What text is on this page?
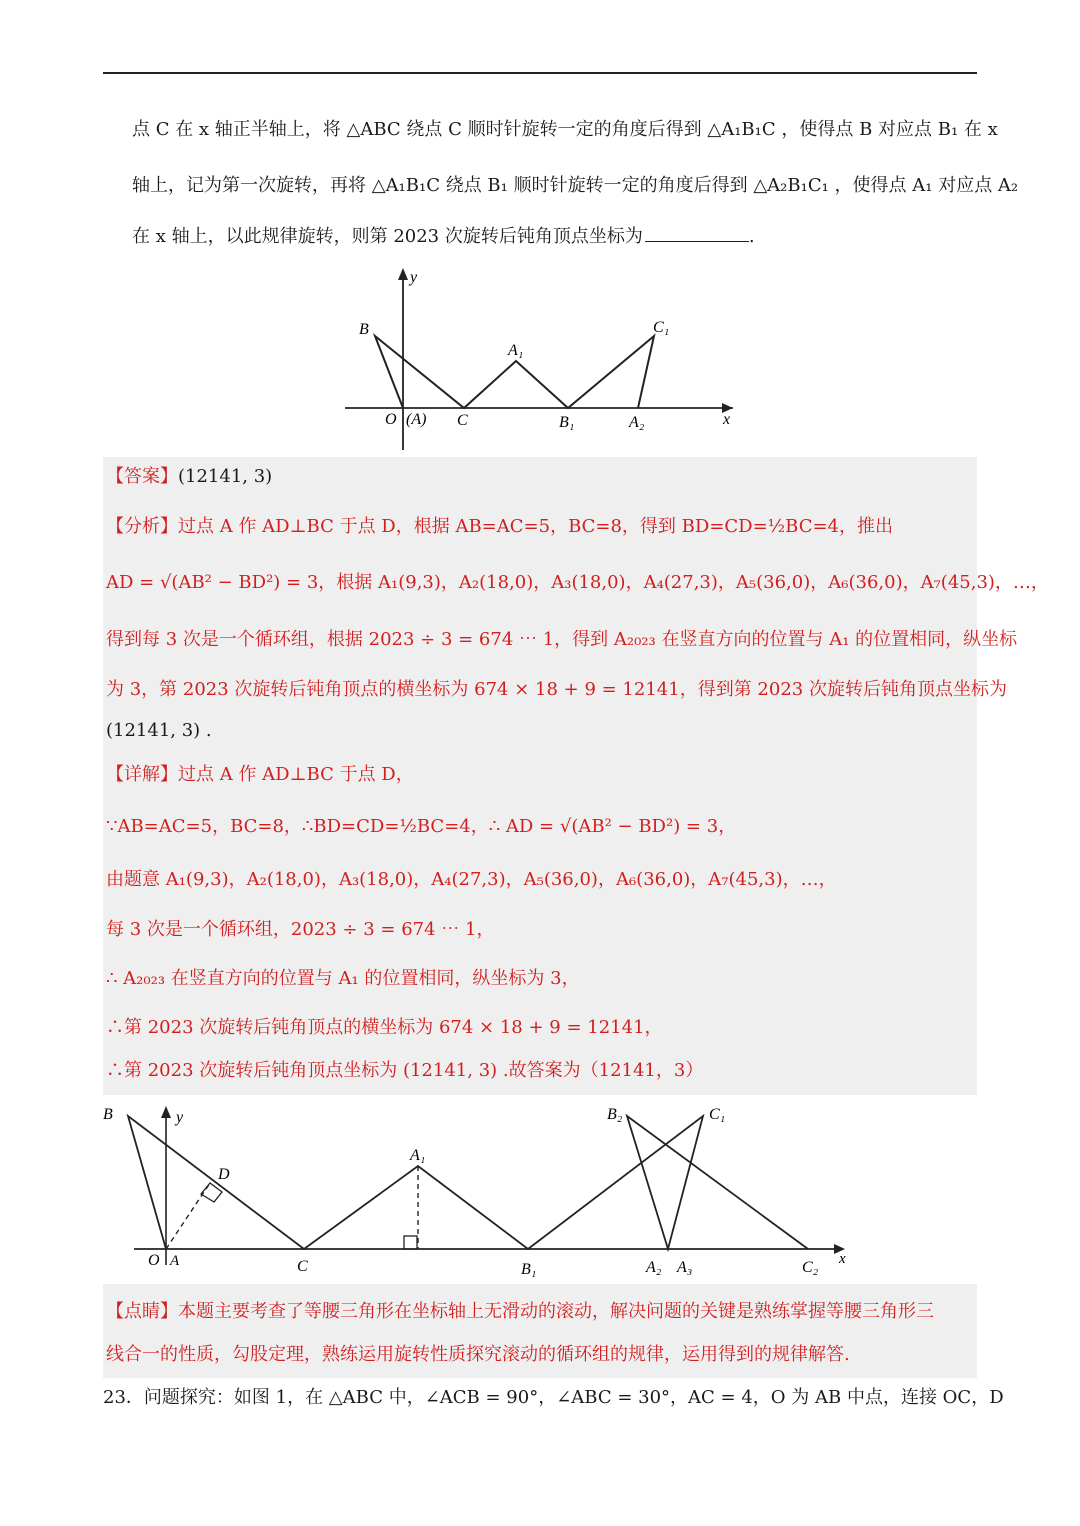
点 C 在 x 轴正半轴上，将 △ABC 绕点 C 顺时针旋转一定的角度后得到 △A₁B₁C ，使得点 B 对应点 B₁ 在 x
轴上，记为第一次旋转，再将 △A₁B₁C 绕点 B₁ 顺时针旋转一定的角度后得到 △A₂B₁C₁ ，使得点 A₁ 对应点 A₂
在 x 轴上，以此规律旋转，则第 2023 次旋转后钝角顶点坐标为	.
y
x
B
O (A) C
A₁
B₁
C₁
A₂
【答案】(12141, 3)
【分析】过点 A 作 AD⊥BC 于点 D，根据 AB=AC=5，BC=8，得到 BD=CD=½BC=4，推出
AD = √(AB² − BD²) = 3，根据 A₁(9,3)，A₂(18,0)，A₃(18,0)，A₄(27,3)，A₅(36,0)，A₆(36,0)，A₇(45,3)，…，
得到每 3 次是一个循环组，根据 2023 ÷ 3 = 674 ⋯ 1，得到 A₂₀₂₃ 在竖直方向的位置与 A₁ 的位置相同，纵坐标
为 3，第 2023 次旋转后钝角顶点的横坐标为 674 × 18 + 9 = 12141，得到第 2023 次旋转后钝角顶点坐标为
(12141, 3) .
【详解】过点 A 作 AD⊥BC 于点 D，
∵AB=AC=5，BC=8，∴BD=CD=½BC=4，∴ AD = √(AB² − BD²) = 3，
由题意 A₁(9,3)，A₂(18,0)，A₃(18,0)，A₄(27,3)，A₅(36,0)，A₆(36,0)，A₇(45,3)，…，
每 3 次是一个循环组，2023 ÷ 3 = 674 ⋯ 1，
∴ A₂₀₂₃ 在竖直方向的位置与 A₁ 的位置相同，纵坐标为 3，
∴第 2023 次旋转后钝角顶点的横坐标为 674 × 18 + 9 = 12141，
∴第 2023 次旋转后钝角顶点坐标为 (12141, 3) .故答案为（12141，3）
B	y
D
A₁
B₂	C₁
O A	C	B₁	A₂ A₃	C₂ x
【点睛】本题主要考查了等腰三角形在坐标轴上无滑动的滚动，解决问题的关键是熟练掌握等腰三角形三
线合一的性质，勾股定理，熟练运用旋转性质探究滚动的循环组的规律，运用得到的规律解答.
23．问题探究：如图 1，在 △ABC 中，∠ACB = 90°，∠ABC = 30°，AC = 4，O 为 AB 中点，连接 OC，D
